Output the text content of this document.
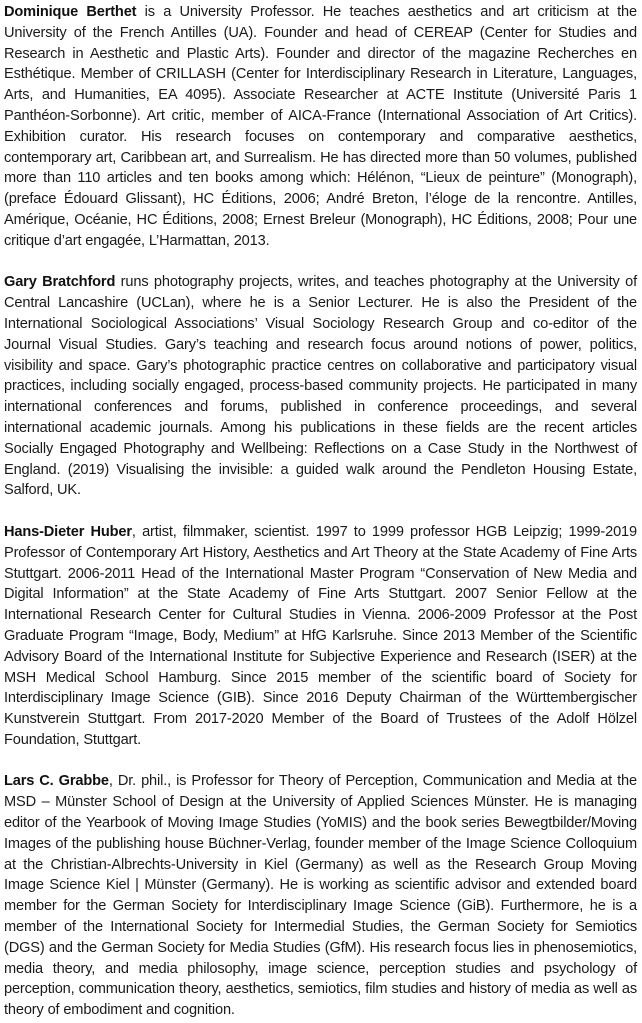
Dominique Berthet is a University Professor. He teaches aesthetics and art criticism at the University of the French Antilles (UA). Founder and head of CEREAP (Center for Studies and Research in Aesthetic and Plastic Arts). Founder and director of the magazine Recherches en Esthétique. Member of CRILLASH (Center for Interdisciplinary Research in Literature, Languages, Arts, and Humanities, EA 4095). Associate Researcher at ACTE Institute (Université Paris 1 Panthéon-Sorbonne). Art critic, member of AICA-France (International Association of Art Critics). Exhibition curator. His research focuses on contemporary and comparative aesthetics, contemporary art, Caribbean art, and Surrealism. He has directed more than 50 volumes, published more than 110 articles and ten books among which: Hélénon, “Lieux de peinture” (Monograph), (preface Édouard Glissant), HC Éditions, 2006; André Breton, l’éloge de la rencontre. Antilles, Amérique, Océanie, HC Éditions, 2008; Ernest Breleur (Monograph), HC Éditions, 2008; Pour une critique d’art engagée, L’Harmattan, 2013.

Gary Bratchford runs photography projects, writes, and teaches photography at the University of Central Lancashire (UCLan), where he is a Senior Lecturer. He is also the President of the International Sociological Associations’ Visual Sociology Research Group and co-editor of the Journal Visual Studies. Gary’s teaching and research focus around notions of power, politics, visibility and space. Gary’s photographic practice centres on collaborative and participatory visual practices, including socially engaged, process-based community projects. He participated in many international conferences and forums, published in conference proceedings, and several international academic journals. Among his publications in these fields are the recent articles Socially Engaged Photography and Wellbeing: Reflections on a Case Study in the Northwest of England. (2019) Visualising the invisible: a guided walk around the Pendleton Housing Estate, Salford, UK.

Hans-Dieter Huber, artist, filmmaker, scientist. 1997 to 1999 professor HGB Leipzig; 1999-2019 Professor of Contemporary Art History, Aesthetics and Art Theory at the State Academy of Fine Arts Stuttgart. 2006-2011 Head of the International Master Program “Conservation of New Media and Digital Information” at the State Academy of Fine Arts Stuttgart. 2007 Senior Fellow at the International Research Center for Cultural Studies in Vienna. 2006-2009 Professor at the Post Graduate Program “Image, Body, Medium” at HfG Karlsruhe. Since 2013 Member of the Scientific Advisory Board of the International Institute for Subjective Experience and Research (ISER) at the MSH Medical School Hamburg. Since 2015 member of the scientific board of Society for Interdisciplinary Image Science (GIB). Since 2016 Deputy Chairman of the Württembergischer Kunstverein Stuttgart. From 2017-2020 Member of the Board of Trustees of the Adolf Hölzel Foundation, Stuttgart.

Lars C. Grabbe, Dr. phil., is Professor for Theory of Perception, Communication and Media at the MSD – Münster School of Design at the University of Applied Sciences Münster. He is managing editor of the Yearbook of Moving Image Studies (YoMIS) and the book series Bewegtbilder/Moving Images of the publishing house Büchner-Verlag, founder member of the Image Science Colloquium at the Christian-Albrechts-University in Kiel (Germany) as well as the Research Group Moving Image Science Kiel | Münster (Germany). He is working as scientific advisor and extended board member for the German Society for Interdisciplinary Image Science (GiB). Furthermore, he is a member of the International Society for Intermedial Studies, the German Society for Semiotics (DGS) and the German Society for Media Studies (GfM). His research focus lies in phenosemiotics, media theory, and media philosophy, image science, perception studies and psychology of perception, communication theory, aesthetics, semiotics, film studies and history of media as well as theory of embodiment and cognition.
